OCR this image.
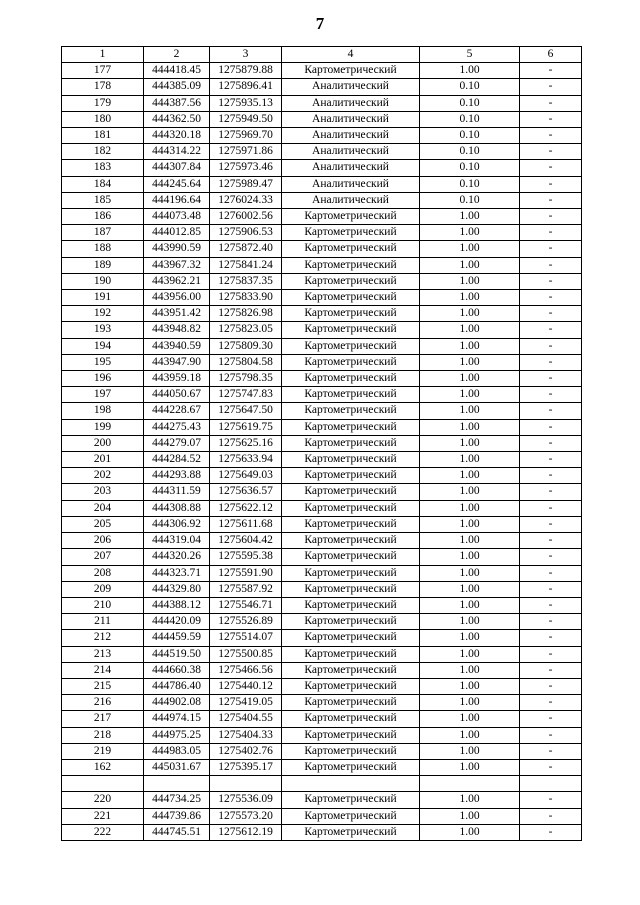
7
1	2	3	4	5	6
177	444418.45	1275879.88	Картометрический	1.00	-
178	444385.09	1275896.41	Аналитический	0.10	-
179	444387.56	1275935.13	Аналитический	0.10	-
180	444362.50	1275949.50	Аналитический	0.10	-
181	444320.18	1275969.70	Аналитический	0.10	-
182	444314.22	1275971.86	Аналитический	0.10	-
183	444307.84	1275973.46	Аналитический	0.10	-
184	444245.64	1275989.47	Аналитический	0.10	-
185	444196.64	1276024.33	Аналитический	0.10	-
186	444073.48	1276002.56	Картометрический	1.00	-
187	444012.85	1275906.53	Картометрический	1.00	-
188	443990.59	1275872.40	Картометрический	1.00	-
189	443967.32	1275841.24	Картометрический	1.00	-
190	443962.21	1275837.35	Картометрический	1.00	-
191	443956.00	1275833.90	Картометрический	1.00	-
192	443951.42	1275826.98	Картометрический	1.00	-
193	443948.82	1275823.05	Картометрический	1.00	-
194	443940.59	1275809.30	Картометрический	1.00	-
195	443947.90	1275804.58	Картометрический	1.00	-
196	443959.18	1275798.35	Картометрический	1.00	-
197	444050.67	1275747.83	Картометрический	1.00	-
198	444228.67	1275647.50	Картометрический	1.00	-
199	444275.43	1275619.75	Картометрический	1.00	-
200	444279.07	1275625.16	Картометрический	1.00	-
201	444284.52	1275633.94	Картометрический	1.00	-
202	444293.88	1275649.03	Картометрический	1.00	-
203	444311.59	1275636.57	Картометрический	1.00	-
204	444308.88	1275622.12	Картометрический	1.00	-
205	444306.92	1275611.68	Картометрический	1.00	-
206	444319.04	1275604.42	Картометрический	1.00	-
207	444320.26	1275595.38	Картометрический	1.00	-
208	444323.71	1275591.90	Картометрический	1.00	-
209	444329.80	1275587.92	Картометрический	1.00	-
210	444388.12	1275546.71	Картометрический	1.00	-
211	444420.09	1275526.89	Картометрический	1.00	-
212	444459.59	1275514.07	Картометрический	1.00	-
213	444519.50	1275500.85	Картометрический	1.00	-
214	444660.38	1275466.56	Картометрический	1.00	-
215	444786.40	1275440.12	Картометрический	1.00	-
216	444902.08	1275419.05	Картометрический	1.00	-
217	444974.15	1275404.55	Картометрический	1.00	-
218	444975.25	1275404.33	Картометрический	1.00	-
219	444983.05	1275402.76	Картометрический	1.00	-
162	445031.67	1275395.17	Картометрический	1.00	-

220	444734.25	1275536.09	Картометрический	1.00	-
221	444739.86	1275573.20	Картометрический	1.00	-
222	444745.51	1275612.19	Картометрический	1.00	-
